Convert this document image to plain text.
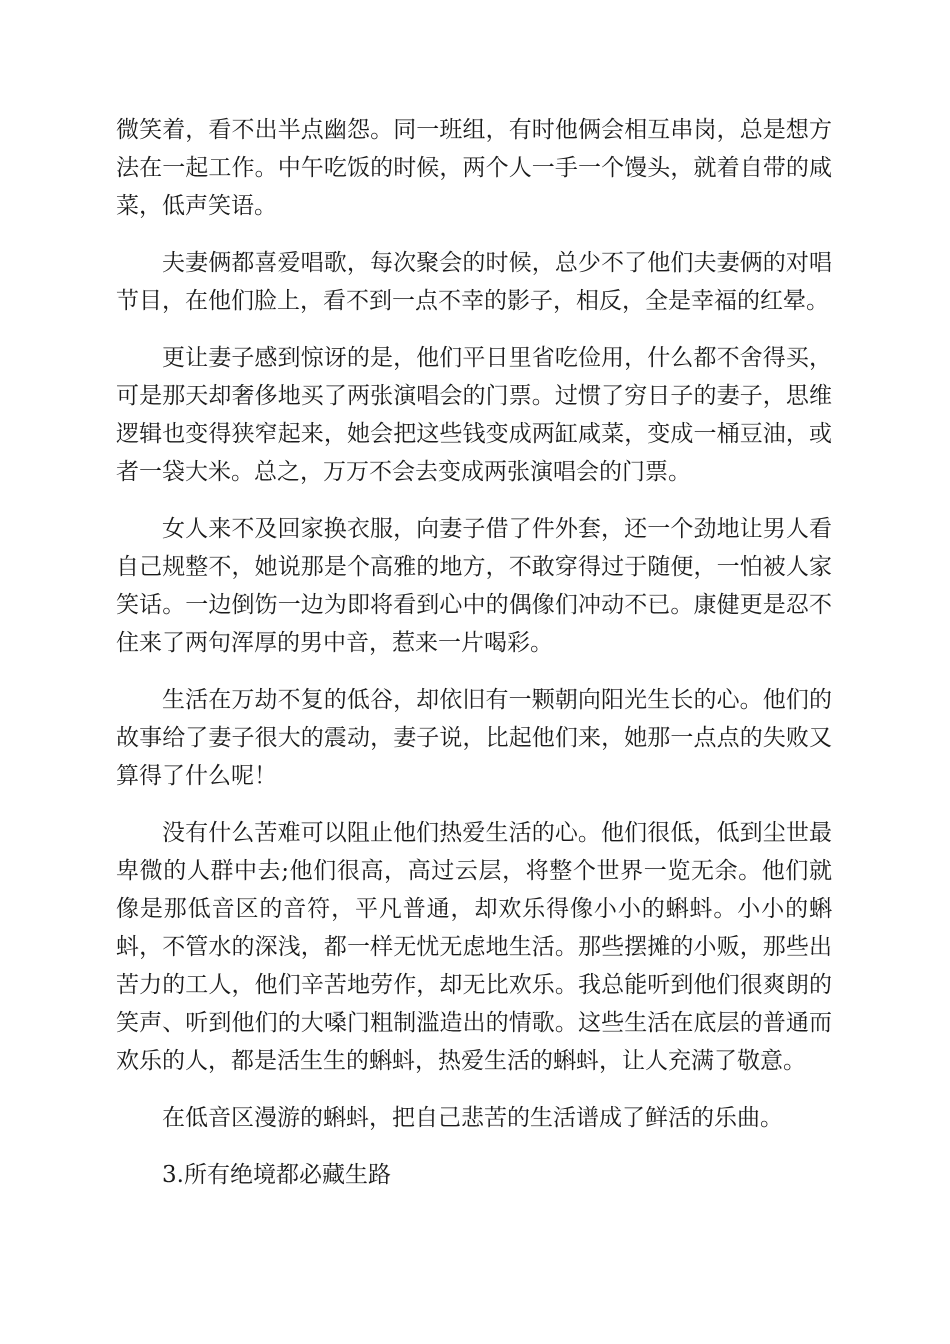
微笑着，看不出半点幽怨。同一班组，有时他俩会相互串岗，总是想方法在一起工作。中午吃饭的时候，两个人一手一个馒头，就着自带的咸菜，低声笑语。

夫妻俩都喜爱唱歌，每次聚会的时候，总少不了他们夫妻俩的对唱节目，在他们脸上，看不到一点不幸的影子，相反，全是幸福的红晕。

更让妻子感到惊讶的是，他们平日里省吃俭用，什么都不舍得买，可是那天却奢侈地买了两张演唱会的门票。过惯了穷日子的妻子，思维逻辑也变得狭窄起来，她会把这些钱变成两缸咸菜，变成一桶豆油，或者一袋大米。总之，万万不会去变成两张演唱会的门票。

女人来不及回家换衣服，向妻子借了件外套，还一个劲地让男人看自己规整不，她说那是个高雅的地方，不敢穿得过于随便，一怕被人家笑话。一边倒饬一边为即将看到心中的偶像们冲动不已。康健更是忍不住来了两句浑厚的男中音，惹来一片喝彩。

生活在万劫不复的低谷，却依旧有一颗朝向阳光生长的心。他们的故事给了妻子很大的震动，妻子说，比起他们来，她那一点点的失败又算得了什么呢！

没有什么苦难可以阻止他们热爱生活的心。他们很低，低到尘世最卑微的人群中去;他们很高，高过云层，将整个世界一览无余。他们就像是那低音区的音符，平凡普通，却欢乐得像小小的蝌蚪。小小的蝌蚪，不管水的深浅，都一样无忧无虑地生活。那些摆摊的小贩，那些出苦力的工人，他们辛苦地劳作，却无比欢乐。我总能听到他们很爽朗的笑声、听到他们的大嗓门粗制滥造出的情歌。这些生活在底层的普通而欢乐的人，都是活生生的蝌蚪，热爱生活的蝌蚪，让人充满了敬意。

在低音区漫游的蝌蚪，把自己悲苦的生活谱成了鲜活的乐曲。

3.所有绝境都必藏生路
